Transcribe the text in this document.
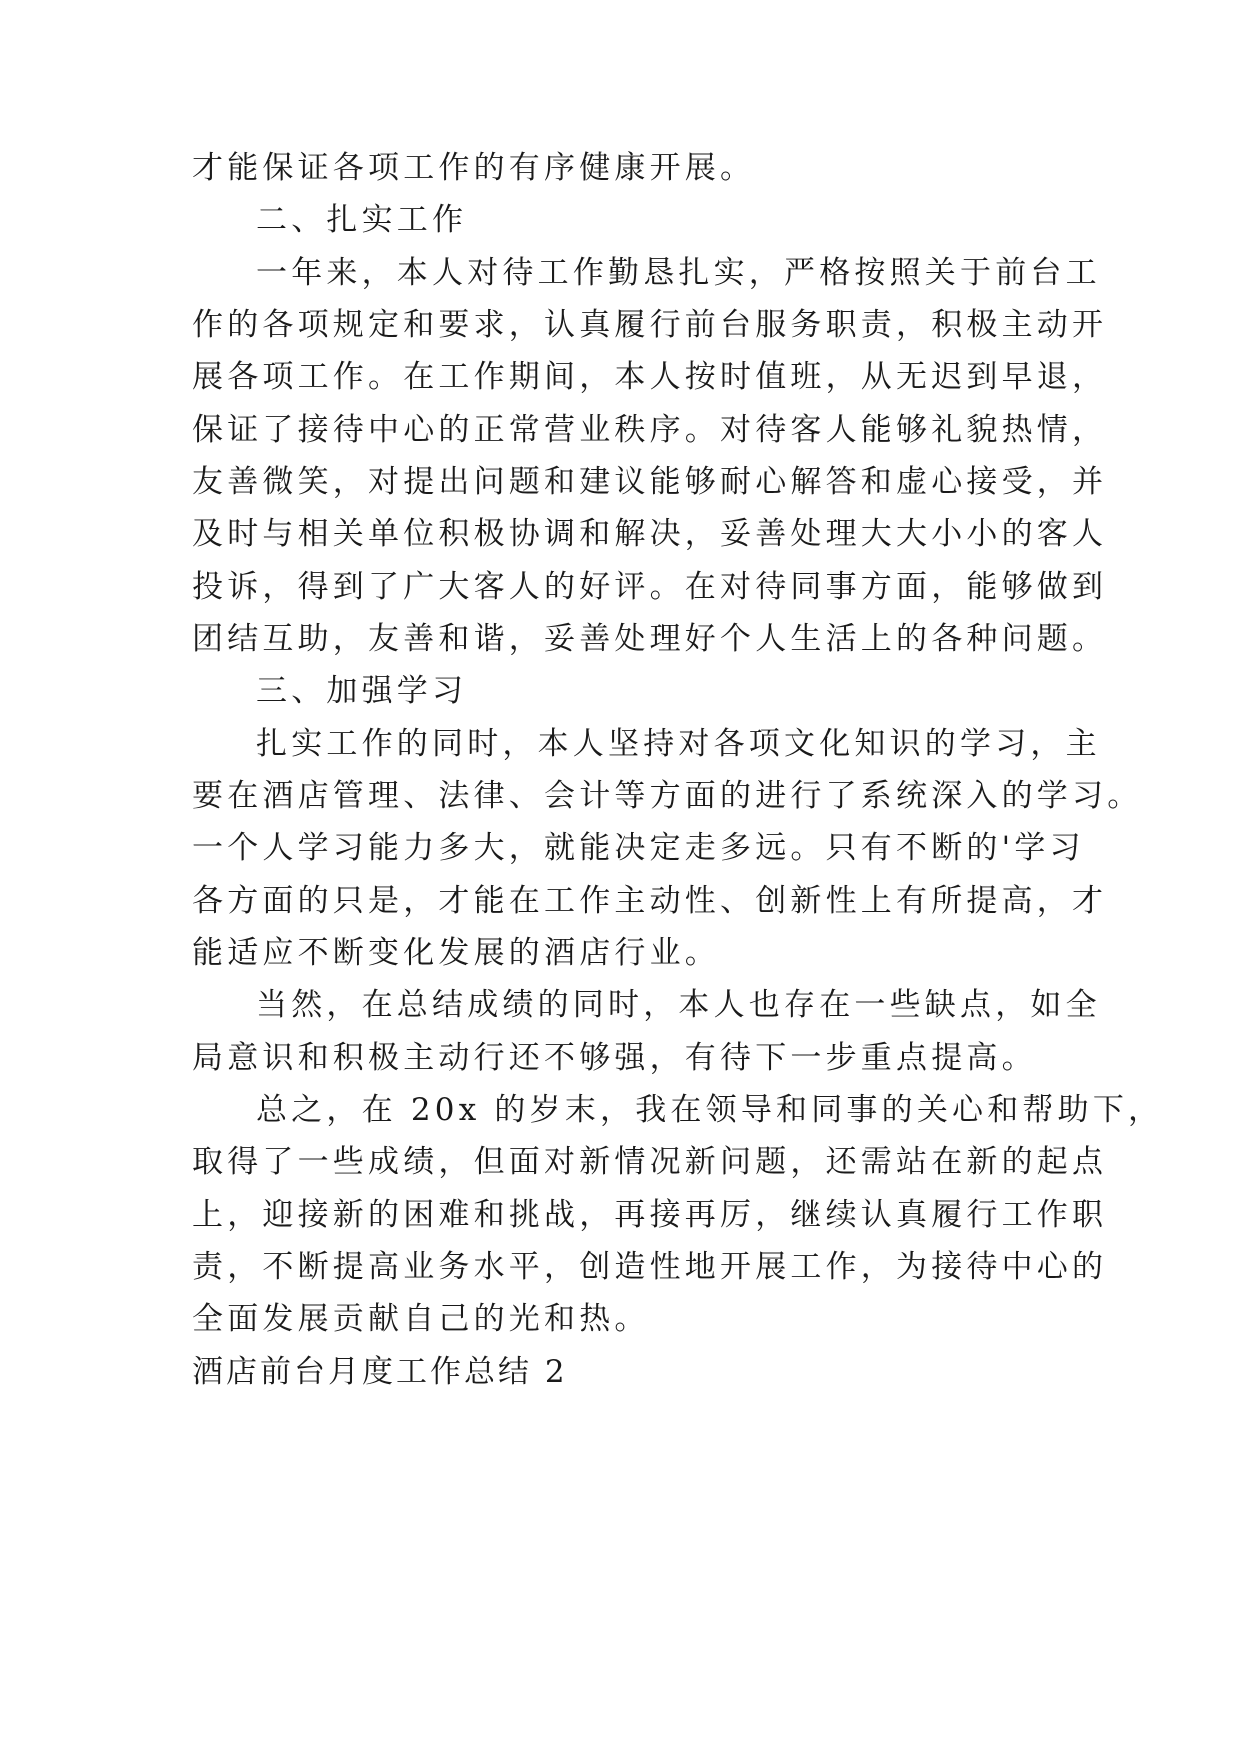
才能保证各项工作的有序健康开展。

二、扎实工作

一年来，本人对待工作勤恳扎实，严格按照关于前台工

作的各项规定和要求，认真履行前台服务职责，积极主动开

展各项工作。在工作期间，本人按时值班，从无迟到早退，

保证了接待中心的正常营业秩序。对待客人能够礼貌热情，

友善微笑，对提出问题和建议能够耐心解答和虚心接受，并

及时与相关单位积极协调和解决，妥善处理大大小小的客人

投诉，得到了广大客人的好评。在对待同事方面，能够做到

团结互助，友善和谐，妥善处理好个人生活上的各种问题。

三、加强学习

扎实工作的同时，本人坚持对各项文化知识的学习，主

要在酒店管理、法律、会计等方面的进行了系统深入的学习。

一个人学习能力多大，就能决定走多远。只有不断的'学习

各方面的只是，才能在工作主动性、创新性上有所提高，才

能适应不断变化发展的酒店行业。

当然，在总结成绩的同时，本人也存在一些缺点，如全

局意识和积极主动行还不够强，有待下一步重点提高。

总之，在 20x 的岁末，我在领导和同事的关心和帮助下，

取得了一些成绩，但面对新情况新问题，还需站在新的起点

上，迎接新的困难和挑战，再接再厉，继续认真履行工作职

责，不断提高业务水平，创造性地开展工作，为接待中心的

全面发展贡献自己的光和热。

酒店前台月度工作总结 2
